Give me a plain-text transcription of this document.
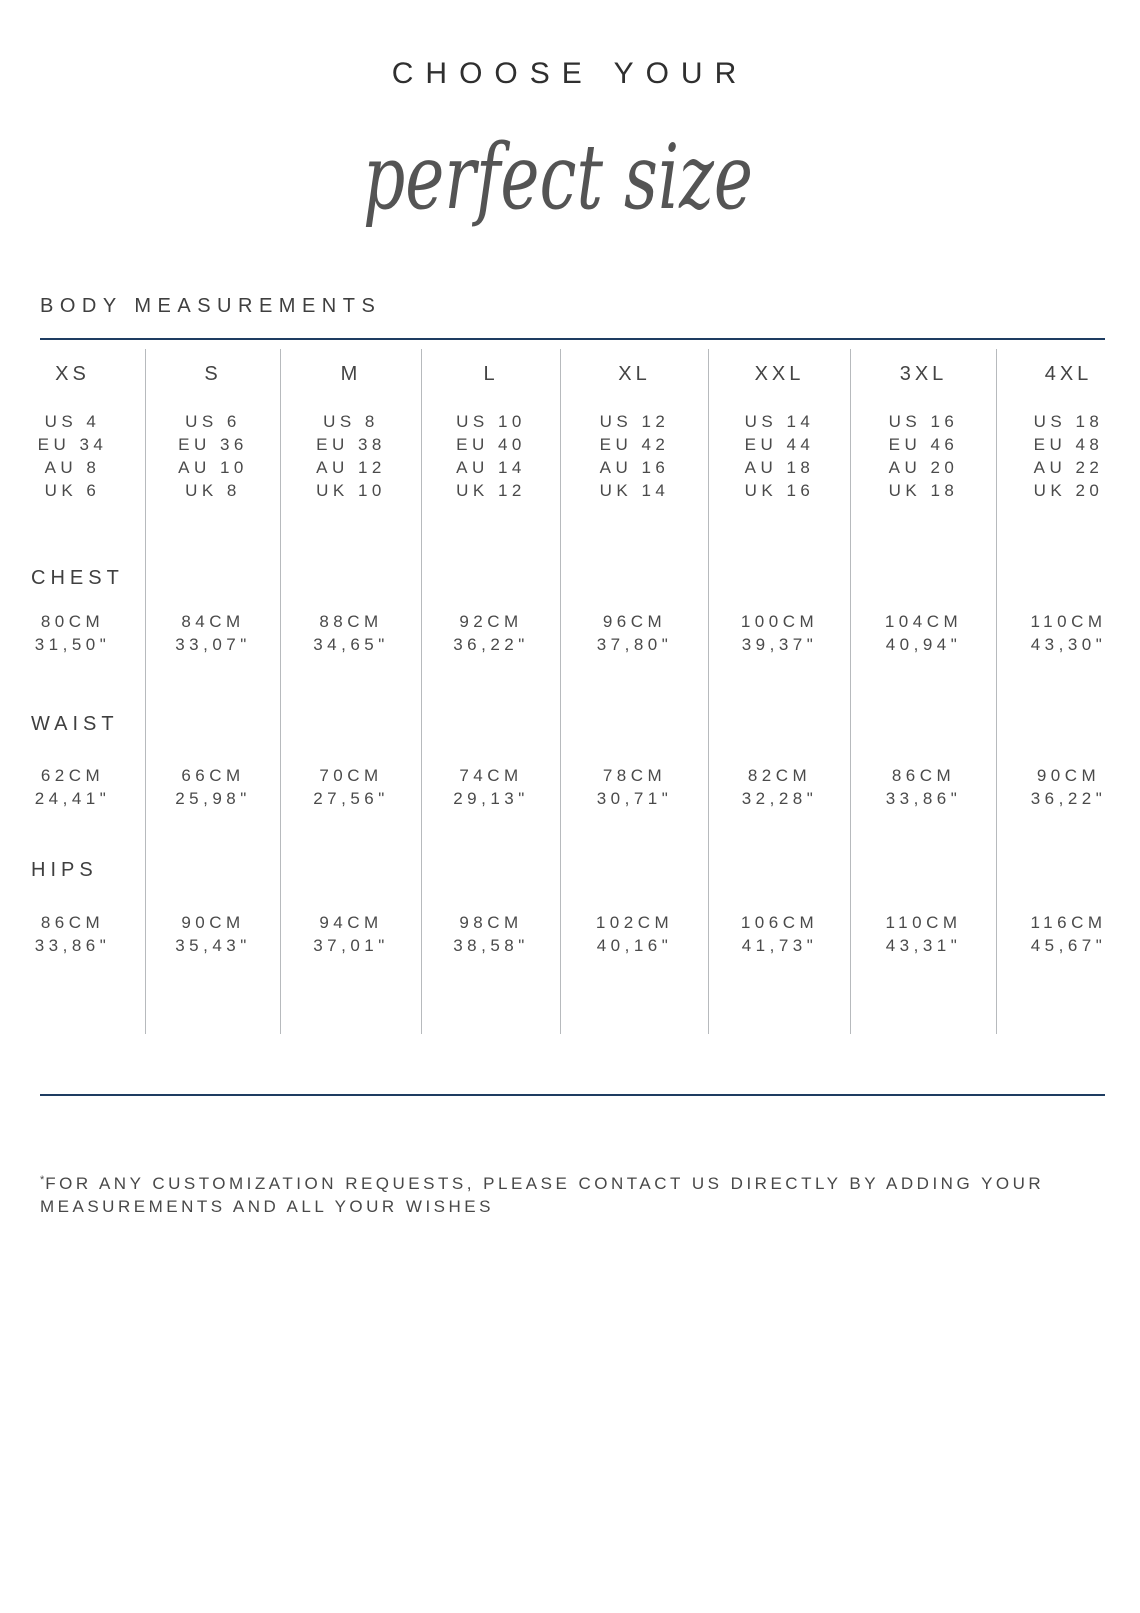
CHOOSE YOUR
perfect size
BODY MEASUREMENTS
XS
US 4
EU 34
AU 8
UK 6
CHEST
80CM
31,50"
WAIST
62CM
24,41"
HIPS
86CM
33,86"
S
US 6
EU 36
AU 10
UK 8
84CM
33,07"
66CM
25,98"
90CM
35,43"
M
US 8
EU 38
AU 12
UK 10
88CM
34,65"
70CM
27,56"
94CM
37,01"
L
US 10
EU 40
AU 14
UK 12
92CM
36,22"
74CM
29,13"
98CM
38,58"
XL
US 12
EU 42
AU 16
UK 14
96CM
37,80"
78CM
30,71"
102CM
40,16"
XXL
US 14
EU 44
AU 18
UK 16
100CM
39,37"
82CM
32,28"
106CM
41,73"
3XL
US 16
EU 46
AU 20
UK 18
104CM
40,94"
86CM
33,86"
110CM
43,31"
4XL
US 18
EU 48
AU 22
UK 20
110CM
43,30"
90CM
36,22"
116CM
45,67"
*FOR ANY CUSTOMIZATION REQUESTS, PLEASE CONTACT US DIRECTLY BY ADDING YOUR
MEASUREMENTS AND ALL YOUR WISHES
